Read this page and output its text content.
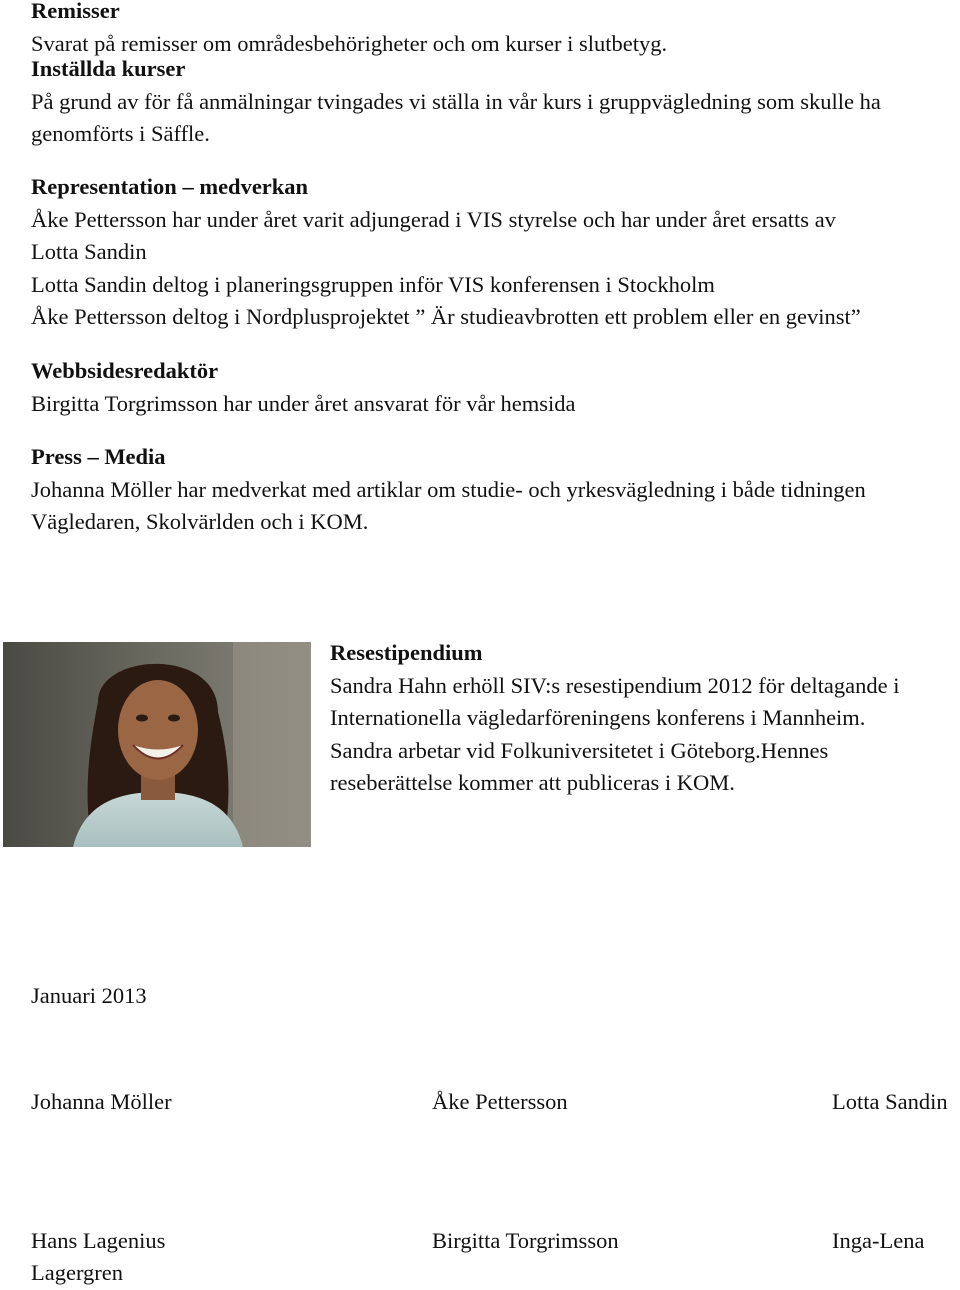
Remisser
Svarat på remisser om områdesbehörigheter och om kurser i slutbetyg.
Inställda kurser
På grund av för få anmälningar tvingades vi ställa in vår kurs i gruppvägledning som skulle ha
genomförts i Säffle.
Representation – medverkan
Åke Pettersson har under året varit adjungerad i VIS styrelse och har under året ersatts av
Lotta Sandin
Lotta Sandin deltog i planeringsgruppen inför VIS konferensen i Stockholm
Åke Pettersson deltog i Nordplusprojektet ” Är studieavbrotten ett problem eller en gevinst”
Webbsidesredaktör
Birgitta Torgrimsson har under året ansvarat för vår hemsida
Press – Media
Johanna Möller har medverkat med artiklar om studie- och yrkesvägledning i både tidningen
Vägledaren, Skolvärlden och i KOM.
Resestipendium
Sandra Hahn erhöll SIV:s resestipendium 2012 för deltagande i
Internationella vägledarföreningens konferens i Mannheim.
Sandra arbetar vid Folkuniversitetet i Göteborg.Hennes
reseberättelse kommer att publiceras i KOM.
Januari 2013
Johanna Möller	Åke Pettersson	Lotta Sandin
Hans Lagenius	Birgitta Torgrimsson	Inga-Lena
Lagergren
